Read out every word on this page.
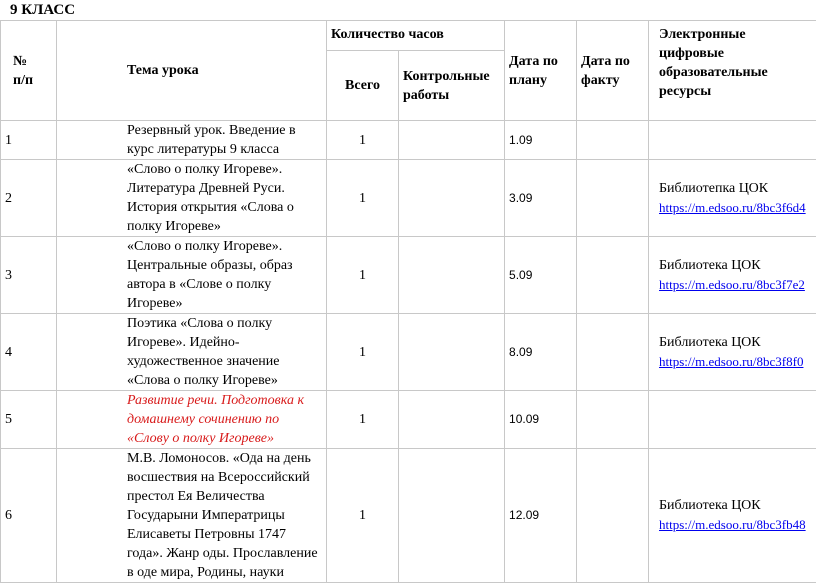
9 КЛАСС
№
п/п	Тема урока	Количество часов		Дата по плану	Дата по факту	Электронные цифровые образовательные ресурсы
		Всего	Контрольные работы			
1	Резервный урок. Введение в курс литературы 9 класса	1		1.09		
2	«Слово о полку Игореве». Литература Древней Руси. История открытия «Слова о полку Игореве»	1		3.09		Библиотепка ЦОК
https://m.edsoo.ru/8bc3f6d4
3	«Слово о полку Игореве». Центральные образы, образ автора в «Слове о полку Игореве»	1		5.09		Библиотека ЦОК
https://m.edsoo.ru/8bc3f7e2
4	Поэтика «Слова о полку Игореве». Идейно-художественное значение «Слова о полку Игореве»	1		8.09		Библиотека ЦОК
https://m.edsoo.ru/8bc3f8f0
5	Развитие речи. Подготовка к домашнему сочинению по «Слову о полку Игореве»	1		10.09		
6	М.В. Ломоносов. «Ода на день восшествия на Всероссийский престол Ея Величества Государыни Императрицы Елисаветы Петровны 1747 года». Жанр оды. Прославление в оде мира, Родины, науки	1		12.09		Библиотека ЦОК
https://m.edsoo.ru/8bc3fb48
